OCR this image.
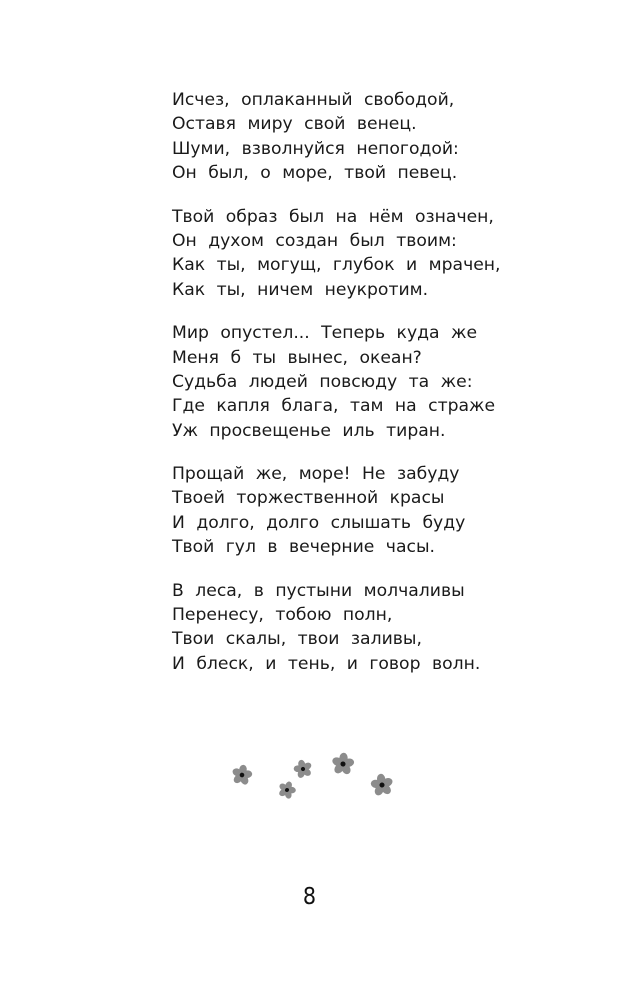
Исчез, оплаканный свободой,
Оставя миру свой венец.
Шуми, взволнуйся непогодой:
Он был, о море, твой певец.
Твой образ был на нём означен,
Он духом создан был твоим:
Как ты, могущ, глубок и мрачен,
Как ты, ничем неукротим.
Мир опустел... Теперь куда же
Меня б ты вынес, океан?
Судьба людей повсюду та же:
Где капля блага, там на страже
Уж просвещенье иль тиран.
Прощай же, море! Не забуду
Твоей торжественной красы
И долго, долго слышать буду
Твой гул в вечерние часы.
В леса, в пустыни молчаливы
Перенесу, тобою полн,
Твои скалы, твои заливы,
И блеск, и тень, и говор волн.
8
